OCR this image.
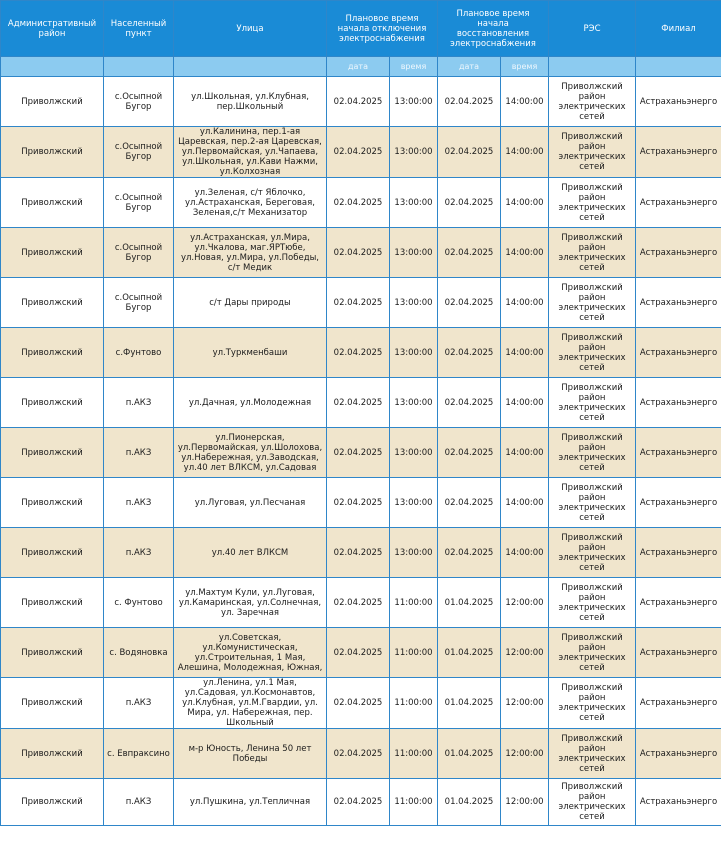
Административный район	Населенный пункт	Улица	Плановое время начала отключения электроснабжения		Плановое время начала восстановления электроснабжения		РЭС	Филиал
			дата	время	дата	время		
Приволжский	с.Осыпной Бугор	ул.Школьная, ул.Клубная, пер.Школьный	02.04.2025	13:00:00	02.04.2025	14:00:00	Приволжский район электрических сетей	Астраханьэнерго
Приволжский	с.Осыпной Бугор	ул.Калинина, пер.1-ая Царевская, пер.2-ая Царевская, ул.Первомайская, ул.Чапаева, ул.Школьная, ул.Кави Нажми, ул.Колхозная	02.04.2025	13:00:00	02.04.2025	14:00:00	Приволжский район электрических сетей	Астраханьэнерго
Приволжский	с.Осыпной Бугор	ул.Зеленая, с/т Яблочко, ул.Астраханская, Береговая, Зеленая,с/т Механизатор	02.04.2025	13:00:00	02.04.2025	14:00:00	Приволжский район электрических сетей	Астраханьэнерго
Приволжский	с.Осыпной Бугор	ул.Астраханская, ул.Мира, ул.Чкалова, маг.ЯРТюбе, ул.Новая, ул.Мира, ул.Победы, с/т Медик	02.04.2025	13:00:00	02.04.2025	14:00:00	Приволжский район электрических сетей	Астраханьэнерго
Приволжский	с.Осыпной Бугор	с/т Дары природы	02.04.2025	13:00:00	02.04.2025	14:00:00	Приволжский район электрических сетей	Астраханьэнерго
Приволжский	с.Фунтово	ул.Туркменбаши	02.04.2025	13:00:00	02.04.2025	14:00:00	Приволжский район электрических сетей	Астраханьэнерго
Приволжский	п.АКЗ	ул.Дачная, ул.Молодежная	02.04.2025	13:00:00	02.04.2025	14:00:00	Приволжский район электрических сетей	Астраханьэнерго
Приволжский	п.АКЗ	ул.Пионерская, ул.Первомайская, ул.Шолохова, ул.Набережная, ул.Заводская, ул.40 лет ВЛКСМ, ул.Садовая	02.04.2025	13:00:00	02.04.2025	14:00:00	Приволжский район электрических сетей	Астраханьэнерго
Приволжский	п.АКЗ	ул.Луговая, ул.Песчаная	02.04.2025	13:00:00	02.04.2025	14:00:00	Приволжский район электрических сетей	Астраханьэнерго
Приволжский	п.АКЗ	ул.40 лет ВЛКСМ	02.04.2025	13:00:00	02.04.2025	14:00:00	Приволжский район электрических сетей	Астраханьэнерго
Приволжский	с. Фунтово	ул.Махтум Кули, ул.Луговая, ул.Камаринская, ул.Солнечная, ул. Заречная	02.04.2025	11:00:00	01.04.2025	12:00:00	Приволжский район электрических сетей	Астраханьэнерго
Приволжский	с. Водяновка	ул.Советская, ул.Комунистическая, ул.Строительная, 1 Мая, Алешина, Молодежная, Южная,	02.04.2025	11:00:00	01.04.2025	12:00:00	Приволжский район электрических сетей	Астраханьэнерго
Приволжский	п.АКЗ	ул.Ленина, ул.1 Мая, ул.Садовая, ул.Космонавтов, ул.Клубная, ул.М.Гвардии, ул. Мира, ул. Набережная, пер. Школьный	02.04.2025	11:00:00	01.04.2025	12:00:00	Приволжский район электрических сетей	Астраханьэнерго
Приволжский	с. Евпраксино	м-р Юность, Ленина 50 лет Победы	02.04.2025	11:00:00	01.04.2025	12:00:00	Приволжский район электрических сетей	Астраханьэнерго
Приволжский	п.АКЗ	ул.Пушкина, ул.Тепличная	02.04.2025	11:00:00	01.04.2025	12:00:00	Приволжский район электрических сетей	Астраханьэнерго
